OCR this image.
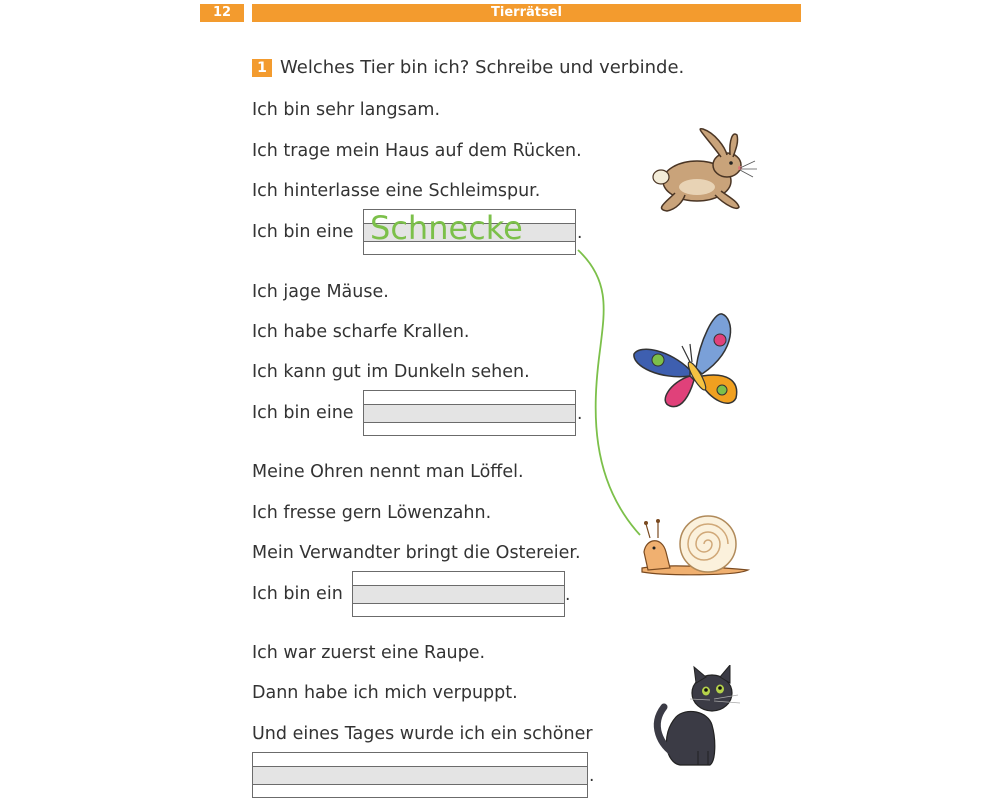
12	Tierrätsel
1 Welches Tier bin ich? Schreibe und verbinde.
Ich bin sehr langsam.
Ich trage mein Haus auf dem Rücken.
Ich hinterlasse eine Schleimspur.
Ich bin eine Schnecke	.
Ich jage Mäuse.
Ich habe scharfe Krallen.
Ich kann gut im Dunkeln sehen.
Ich bin eine	.
Meine Ohren nennt man Löffel.
Ich fresse gern Löwenzahn.
Mein Verwandter bringt die Ostereier.
Ich bin ein	.
Ich war zuerst eine Raupe.
Dann habe ich mich verpuppt.
Und eines Tages wurde ich ein schöner
.
